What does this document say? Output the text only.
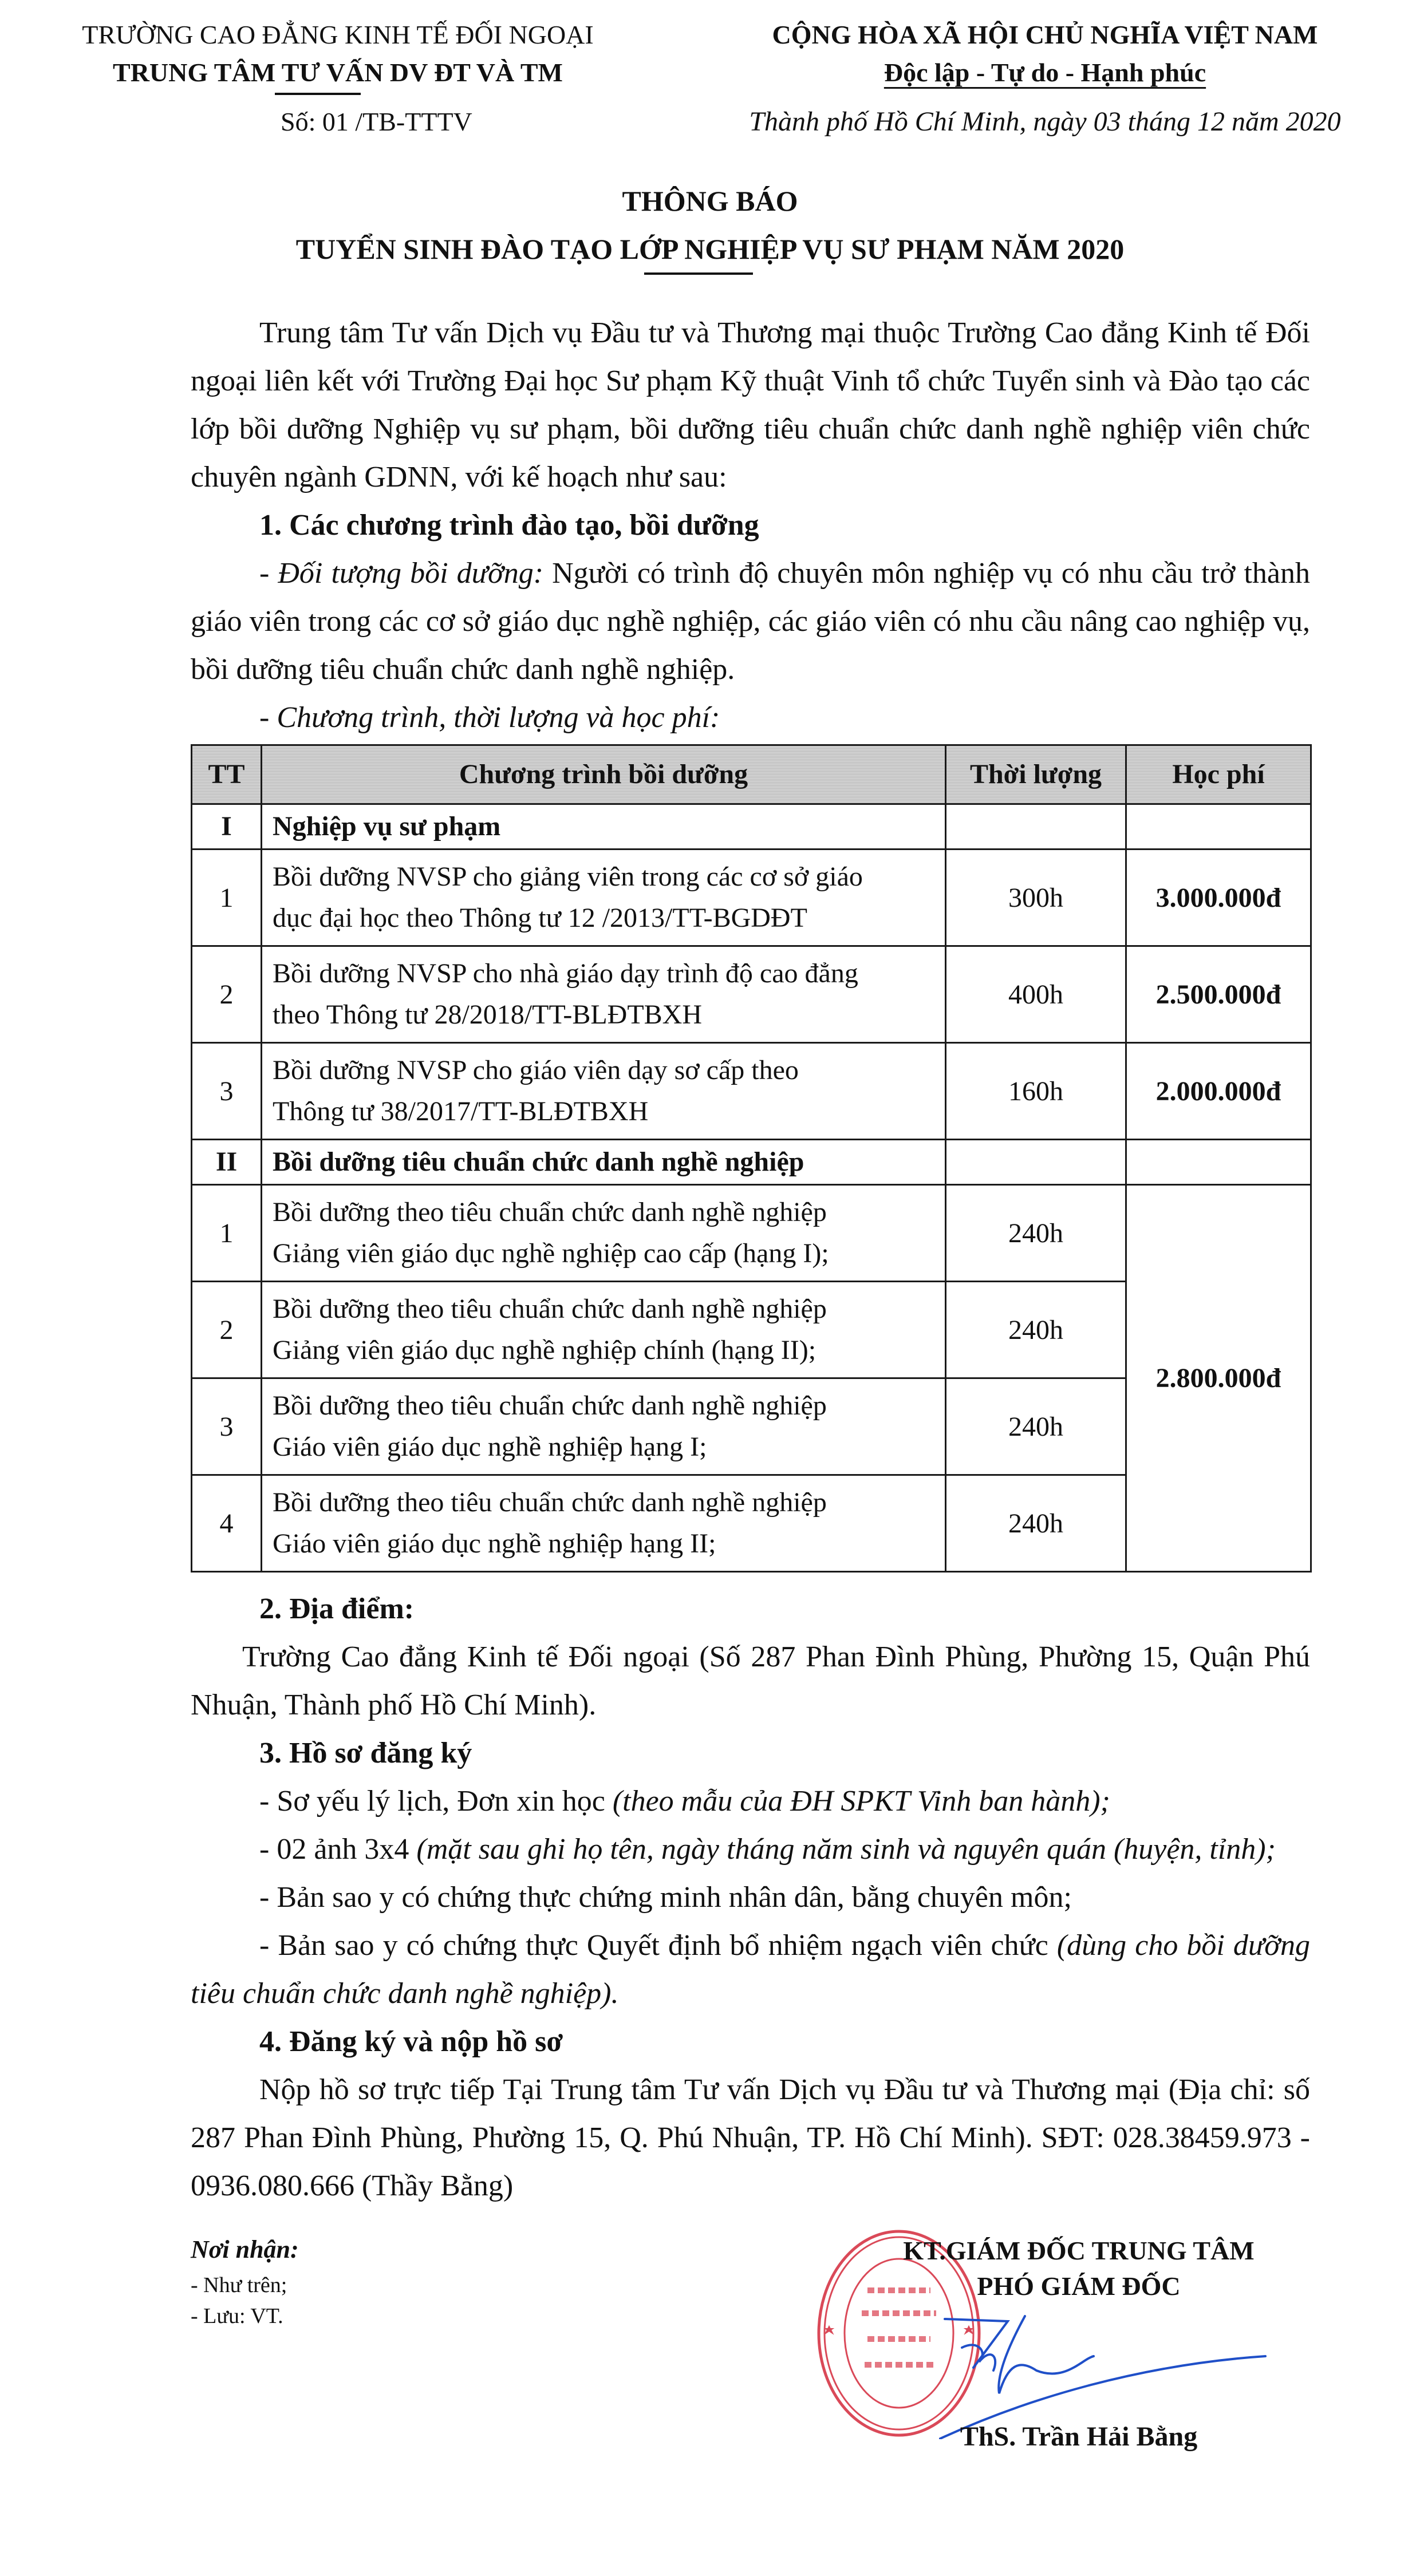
TRƯỜNG CAO ĐẲNG KINH TẾ ĐỐI NGOẠI
TRUNG TÂM TƯ VẤN DV ĐT VÀ TM
Số: 01 /TB-TTTV
CỘNG HÒA XÃ HỘI CHỦ NGHĨA VIỆT NAM
Độc lập - Tự do - Hạnh phúc
Thành phố Hồ Chí Minh, ngày 03 tháng 12 năm 2020
THÔNG BÁO
TUYỂN SINH ĐÀO TẠO LỚP NGHIỆP VỤ SƯ PHẠM NĂM 2020

Trung tâm Tư vấn Dịch vụ Đầu tư và Thương mại thuộc Trường Cao đẳng Kinh tế Đối ngoại liên kết với Trường Đại học Sư phạm Kỹ thuật Vinh tổ chức Tuyển sinh và Đào tạo các lớp bồi dưỡng Nghiệp vụ sư phạm, bồi dưỡng tiêu chuẩn chức danh nghề nghiệp viên chức chuyên ngành GDNN, với kế hoạch như sau:

1. Các chương trình đào tạo, bồi dưỡng

- Đối tượng bồi dưỡng: Người có trình độ chuyên môn nghiệp vụ có nhu cầu trở thành giáo viên trong các cơ sở giáo dục nghề nghiệp, các giáo viên có nhu cầu nâng cao nghiệp vụ, bồi dưỡng tiêu chuẩn chức danh nghề nghiệp.

- Chương trình, thời lượng và học phí:

TT	Chương trình bồi dưỡng	Thời lượng	Học phí
I	Nghiệp vụ sư phạm		
1	Bồi dưỡng NVSP cho giảng viên trong các cơ sở giáo
dục đại học theo Thông tư 12 /2013/TT-BGDĐT	300h	3.000.000đ
2	Bồi dưỡng NVSP cho nhà giáo dạy trình độ cao đẳng
theo Thông tư 28/2018/TT-BLĐTBXH	400h	2.500.000đ
3	Bồi dưỡng NVSP cho giáo viên dạy sơ cấp theo
Thông tư 38/2017/TT-BLĐTBXH	160h	2.000.000đ
II	Bồi dưỡng tiêu chuẩn chức danh nghề nghiệp		
1	Bồi dưỡng theo tiêu chuẩn chức danh nghề nghiệp
Giảng viên giáo dục nghề nghiệp cao cấp (hạng I);	240h	2.800.000đ
2	Bồi dưỡng theo tiêu chuẩn chức danh nghề nghiệp
Giảng viên giáo dục nghề nghiệp chính (hạng II);	240h	
3	Bồi dưỡng theo tiêu chuẩn chức danh nghề nghiệp
Giáo viên giáo dục nghề nghiệp hạng I;	240h	
4	Bồi dưỡng theo tiêu chuẩn chức danh nghề nghiệp
Giáo viên giáo dục nghề nghiệp hạng II;	240h	

2. Địa điểm:

Trường Cao đẳng Kinh tế Đối ngoại (Số 287 Phan Đình Phùng, Phường 15, Quận Phú Nhuận, Thành phố Hồ Chí Minh).

3. Hồ sơ đăng ký

- Sơ yếu lý lịch, Đơn xin học (theo mẫu của ĐH SPKT Vinh ban hành);

- 02 ảnh 3x4 (mặt sau ghi họ tên, ngày tháng năm sinh và nguyên quán (huyện, tỉnh);

- Bản sao y có chứng thực chứng minh nhân dân, bằng chuyên môn;

- Bản sao y có chứng thực Quyết định bổ nhiệm ngạch viên chức (dùng cho bồi dưỡng tiêu chuẩn chức danh nghề nghiệp).

4. Đăng ký và nộp hồ sơ

Nộp hồ sơ trực tiếp Tại Trung tâm Tư vấn Dịch vụ Đầu tư và Thương mại (Địa chỉ: số 287 Phan Đình Phùng, Phường 15, Q. Phú Nhuận, TP. Hồ Chí Minh). SĐT: 028.38459.973 - 0936.080.666 (Thầy Bằng)

Nơi nhận:
- Như trên;
- Lưu: VT.
KT.GIÁM ĐỐC TRUNG TÂM
PHÓ GIÁM ĐỐC
ThS. Trần Hải Bằng
